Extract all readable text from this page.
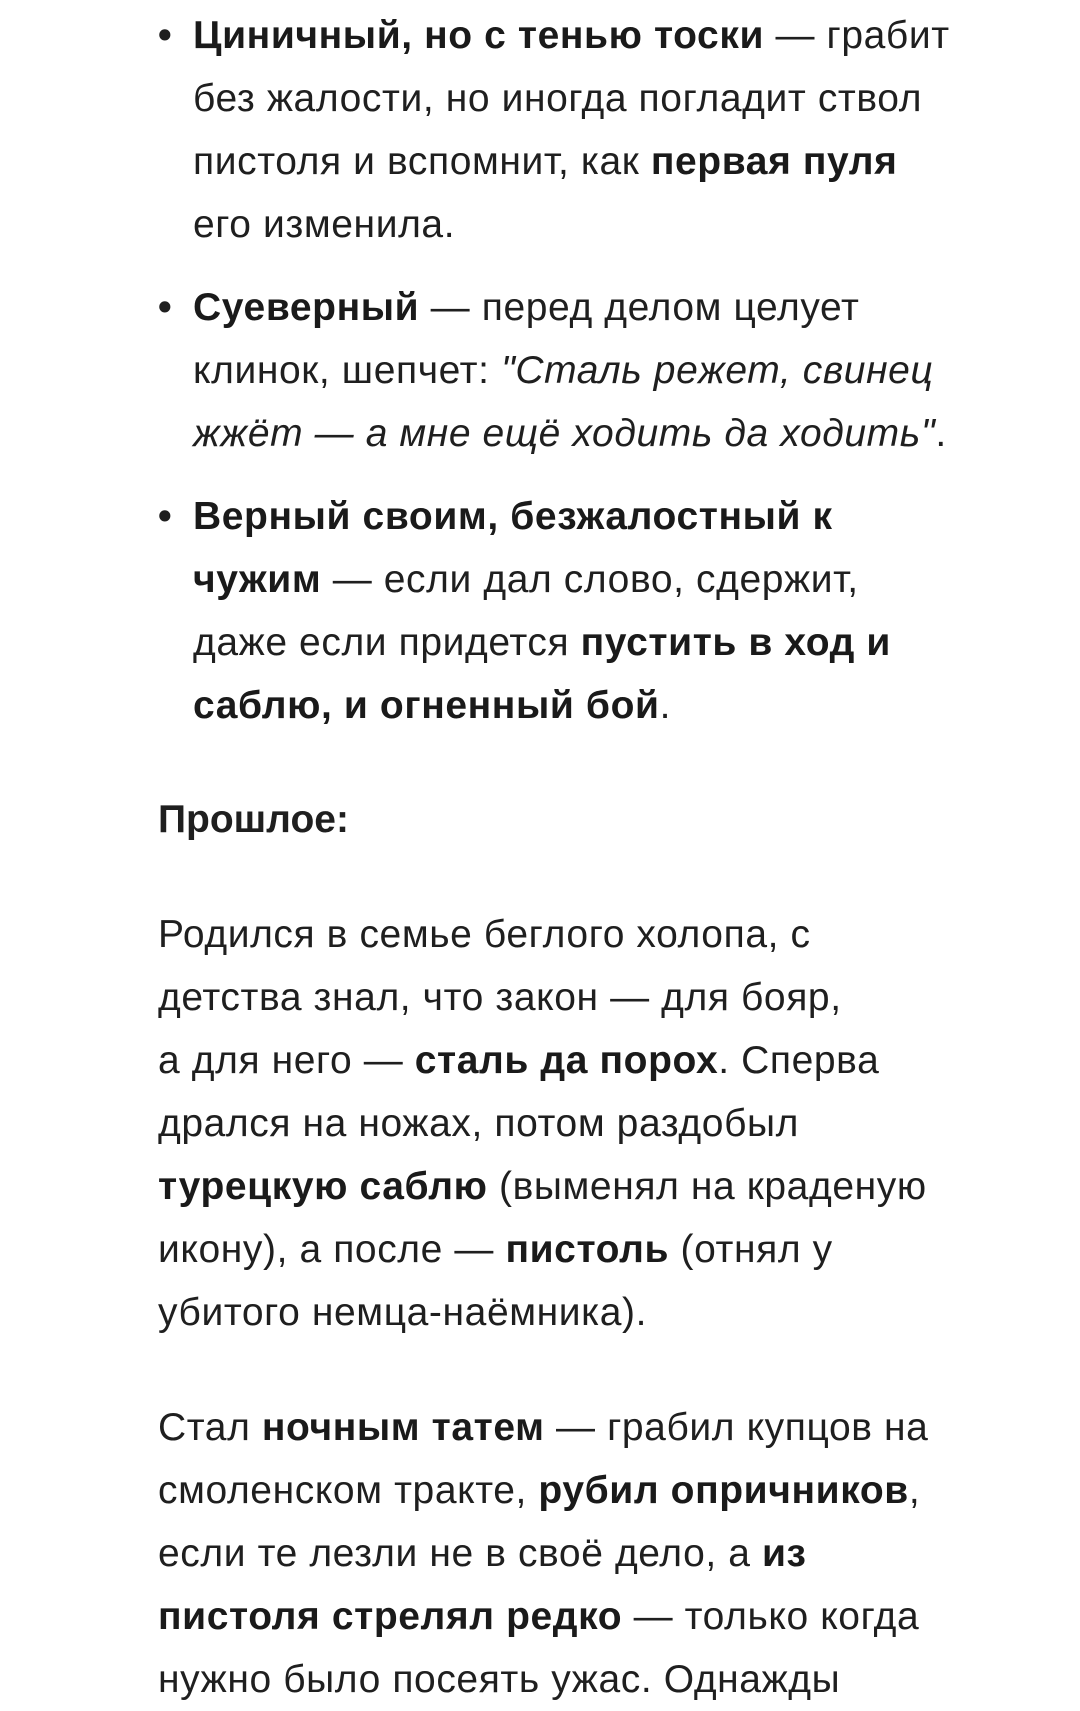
• Циничный, но с тенью тоски — грабит
без жалости, но иногда погладит ствол
пистоля и вспомнит, как первая пуля
его изменила.
• Суеверный — перед делом целует
клинок, шепчет: "Сталь режет, свинец
жжёт — а мне ещё ходить да ходить".
• Верный своим, безжалостный к
чужим — если дал слово, сдержит,
даже если придется пустить в ход и
саблю, и огненный бой.
Прошлое:

Родился в семье беглого холопа, с
детства знал, что закон — для бояр,
а для него — сталь да порох. Сперва
дрался на ножах, потом раздобыл
турецкую саблю (выменял на краденую
икону), а после — пистоль (отнял у
убитого немца-наёмника).

Стал ночным татем — грабил купцов на
смоленском тракте, рубил опричников,
если те лезли не в своё дело, а из
пистоля стрелял редко — только когда
нужно было посеять ужас. Однажды
